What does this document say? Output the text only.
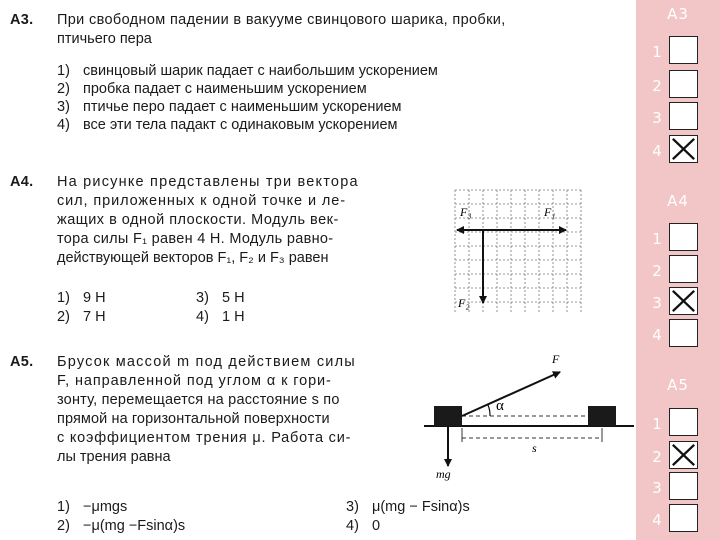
A3. При свободном падении в вакууме свинцового шарика, пробки,
птичьего пера
1) свинцовый шарик падает с наибольшим ускорением
2) пробка падает с наименьшим ускорением
3) птичье перо падает с наименьшим ускорением
4) все эти тела падакт с одинаковым ускорением
A4. На рисунке представлены три вектора
сил, приложенных к одной точке и ле-
жащих в одной плоскости. Модуль век-
тора силы F₁ равен 4 Н. Модуль равно-
действующей векторов F₁, F₂ и F₃ равен
1) 9 Н
2) 7 Н
3) 5 Н
4) 1 Н
F₃	F₁
F₂
A5. Брусок массой m под действием силы
F, направленной под углом α к гори-
зонту, перемещается на расстояние s по
прямой на горизонтальной поверхности
с коэффициентом трения μ. Работа си-
лы трения равна
1) −μmgs
2) −μ(mg −Fsinα)s
3) μ(mg − Fsinα)s
4) 0
α
F
mg
s
A3
1
2
3
4
A4
1
2
3
4
A5
1
2
3
4
